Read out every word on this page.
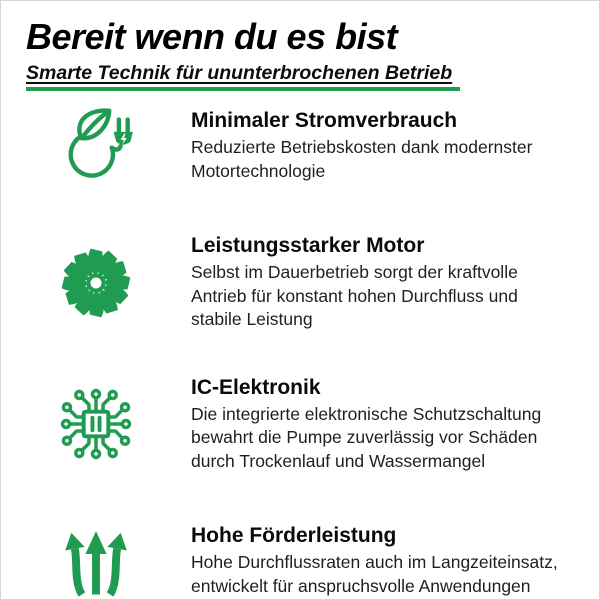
Bereit wenn du es bist
Smarte Technik für ununterbrochenen Betrieb
Minimaler Stromverbrauch
Reduzierte Betriebskosten dank modernster
Motortechnologie
Leistungsstarker Motor
Selbst im Dauerbetrieb sorgt der kraftvolle
Antrieb für konstant hohen Durchfluss und
stabile Leistung
IC-Elektronik
Die integrierte elektronische Schutzschaltung
bewahrt die Pumpe zuverlässig vor Schäden
durch Trockenlauf und Wassermangel
Hohe Förderleistung
Hohe Durchflussraten auch im Langzeiteinsatz,
entwickelt für anspruchsvolle Anwendungen
